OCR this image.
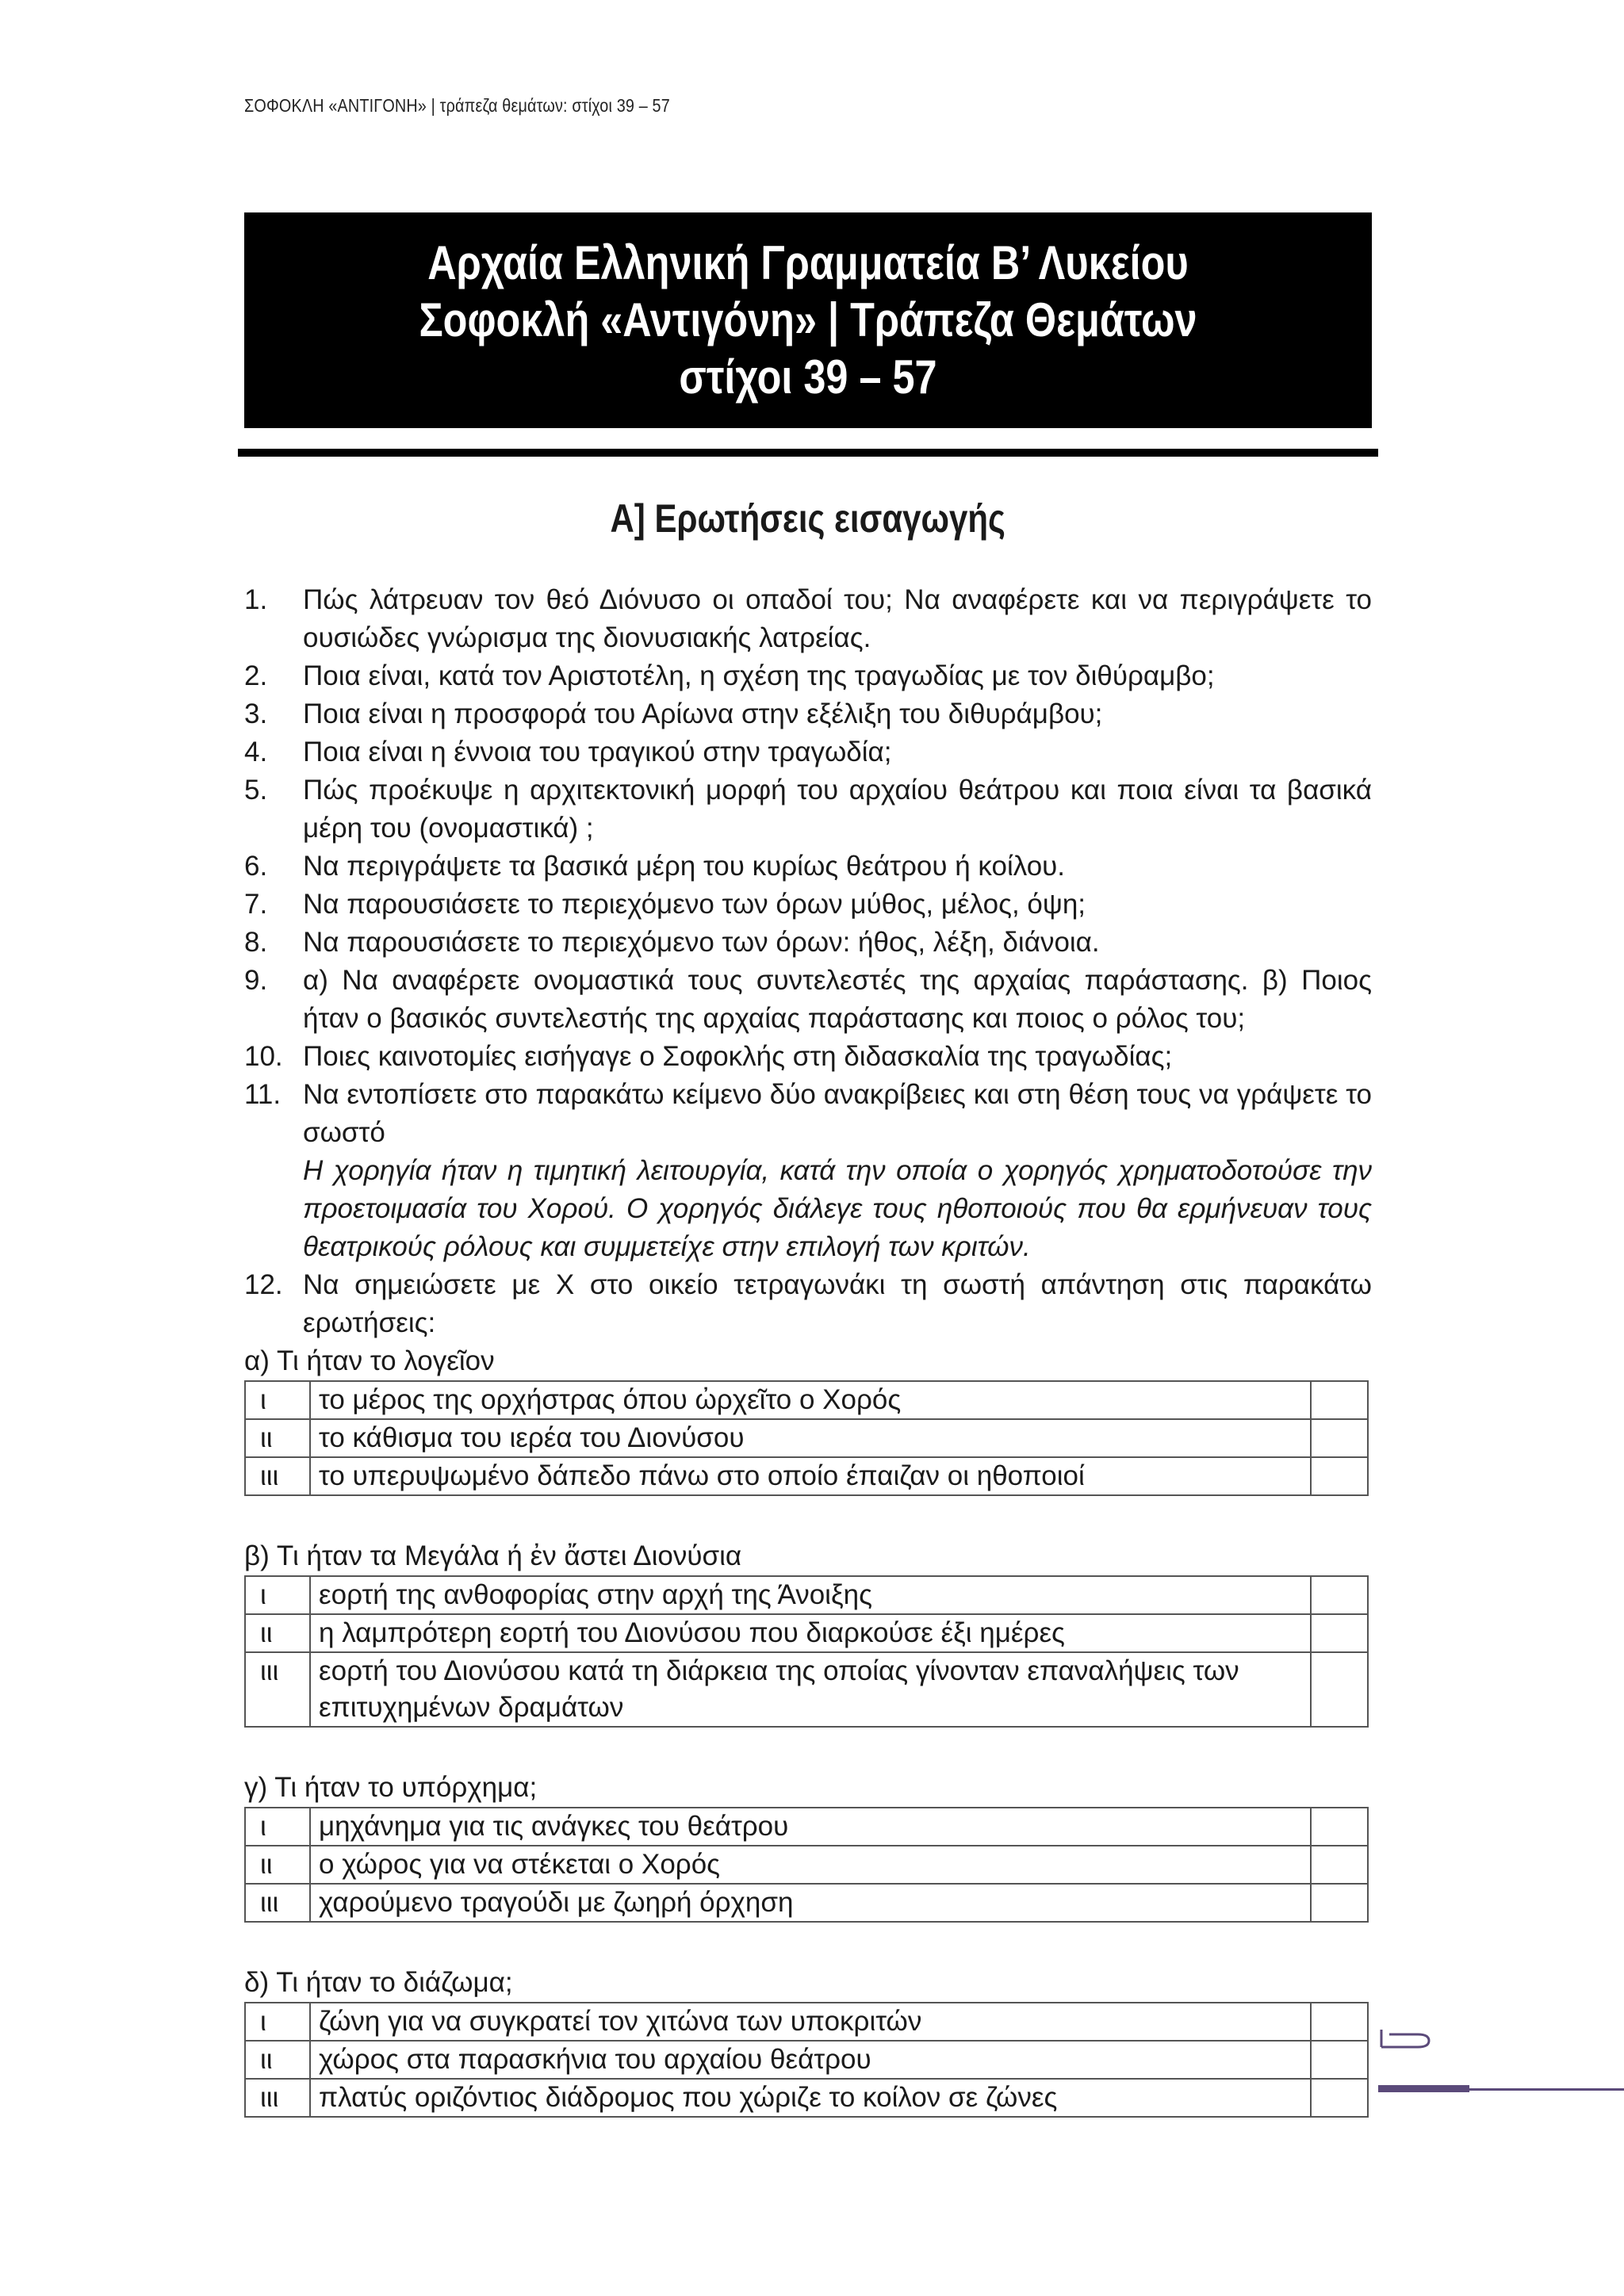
ΣΟΦΟΚΛΗ «ΑΝΤΙΓΟΝΗ» | τράπεζα θεμάτων: στίχοι 39 – 57
Αρχαία Ελληνική Γραμματεία Β’ Λυκείου
Σοφοκλή «Αντιγόνη» | Τράπεζα Θεμάτων
στίχοι 39 – 57
Α] Ερωτήσεις εισαγωγής
1.	Πώς λάτρευαν τον θεό Διόνυσο οι οπαδοί του; Να αναφέρετε και να περιγράψετε το ουσιώδες γνώρισμα της διονυσιακής λατρείας.
2.	Ποια είναι, κατά τον Αριστοτέλη, η σχέση της τραγωδίας με τον διθύραμβο;
3.	Ποια είναι η προσφορά του Αρίωνα στην εξέλιξη του διθυράμβου;
4.	Ποια είναι η έννοια του τραγικού στην τραγωδία;
5.	Πώς προέκυψε η αρχιτεκτονική μορφή του αρχαίου θεάτρου και ποια είναι τα βασικά μέρη του (ονομαστικά) ;
6.	Να περιγράψετε τα βασικά μέρη του κυρίως θεάτρου ή κοίλου.
7.	Να παρουσιάσετε το περιεχόμενο των όρων μύθος, μέλος, όψη;
8.	Να παρουσιάσετε το περιεχόμενο των όρων: ήθος, λέξη, διάνοια.
9.	α) Να αναφέρετε ονομαστικά τους συντελεστές της αρχαίας παράστασης. β) Ποιος ήταν ο βασικός συντελεστής της αρχαίας παράστασης και ποιος ο ρόλος του;
10. Ποιες καινοτομίες εισήγαγε ο Σοφοκλής στη διδασκαλία της τραγωδίας;
11. Να εντοπίσετε στο παρακάτω κείμενο δύο ανακρίβειες και στη θέση τους να γράψετε το σωστό
Η χορηγία ήταν η τιμητική λειτουργία, κατά την οποία ο χορηγός χρηματοδοτούσε την προετοιμασία του Χορού. Ο χορηγός διάλεγε τους ηθοποιούς που θα ερμήνευαν τους θεατρικούς ρόλους και συμμετείχε στην επιλογή των κριτών.
12. Να σημειώσετε με Χ στο οικείο τετραγωνάκι τη σωστή απάντηση στις παρακάτω ερωτήσεις:
α) Τι ήταν το λογεῖον
ι	το μέρος της ορχήστρας όπου ὠρχεῖτο ο Χορός	
ιι	το κάθισμα του ιερέα του Διονύσου	
ιιι	το υπερυψωμένο δάπεδο πάνω στο οποίο έπαιζαν οι ηθοποιοί	
β) Τι ήταν τα Μεγάλα ή ἐν ἄστει Διονύσια
ι	εορτή της ανθοφορίας στην αρχή της Άνοιξης	
ιι	η λαμπρότερη εορτή του Διονύσου που διαρκούσε έξι ημέρες	
ιιι	εορτή του Διονύσου κατά τη διάρκεια της οποίας γίνονταν επαναλήψεις των επιτυχημένων δραμάτων	
γ) Τι ήταν το υπόρχημα;
ι	μηχάνημα για τις ανάγκες του θεάτρου	
ιι	ο χώρος για να στέκεται ο Χορός	
ιιι	χαρούμενο τραγούδι με ζωηρή όρχηση	
δ) Τι ήταν το διάζωμα;
ι	ζώνη για να συγκρατεί τον χιτώνα των υποκριτών	
ιι	χώρος στα παρασκήνια του αρχαίου θεάτρου	
ιιι	πλατύς οριζόντιος διάδρομος που χώριζε το κοίλον σε ζώνες	
